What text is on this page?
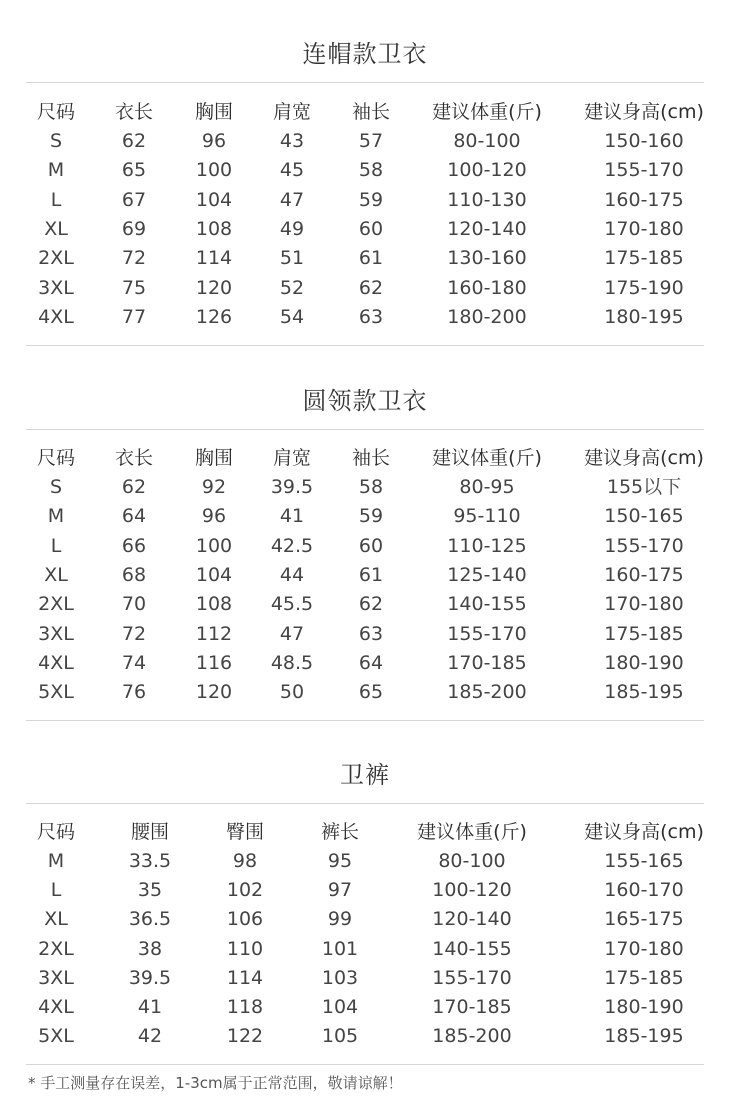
连帽款卫衣
尺码 衣长 胸围 肩宽 袖长 建议体重(斤) 建议身高(cm)
S	62	96	43	57	80-100	150-160
M	65	100	45	58	100-120	155-170
L	67	104	47	59	110-130	160-175
XL	69	108	49	60	120-140	170-180
2XL	72	114	51	61	130-160	175-185
3XL	75	120	52	62	160-180	175-190
4XL	77	126	54	63	180-200	180-195
圆领款卫衣
尺码 衣长 胸围 肩宽 袖长 建议体重(斤) 建议身高(cm)
S	62	92 39.5 58	80-95	155以下
M	64	96	41	59	95-110	150-165
L	66	100 42.5 60	110-125	155-170
XL	68	104	44	61	125-140	160-175
2XL	70	108 45.5 62	140-155	170-180
3XL	72	112	47	63	155-170	175-185
4XL	74	116 48.5 64	170-185	180-190
5XL	76	120	50	65	185-200	185-195
卫裤
尺码	腰围	臀围	裤长	建议体重(斤)	建议身高(cm)
M	33.5	98	95	80-100	155-165
L	35	102	97	100-120	160-170
XL	36.5	106	99	120-140	165-175
2XL	38	110	101	140-155	170-180
3XL	39.5	114	103	155-170	175-185
4XL	41	118	104	170-185	180-190
5XL	42	122	105	185-200	185-195
* 手工测量存在误差，1-3cm属于正常范围，敬请谅解！
